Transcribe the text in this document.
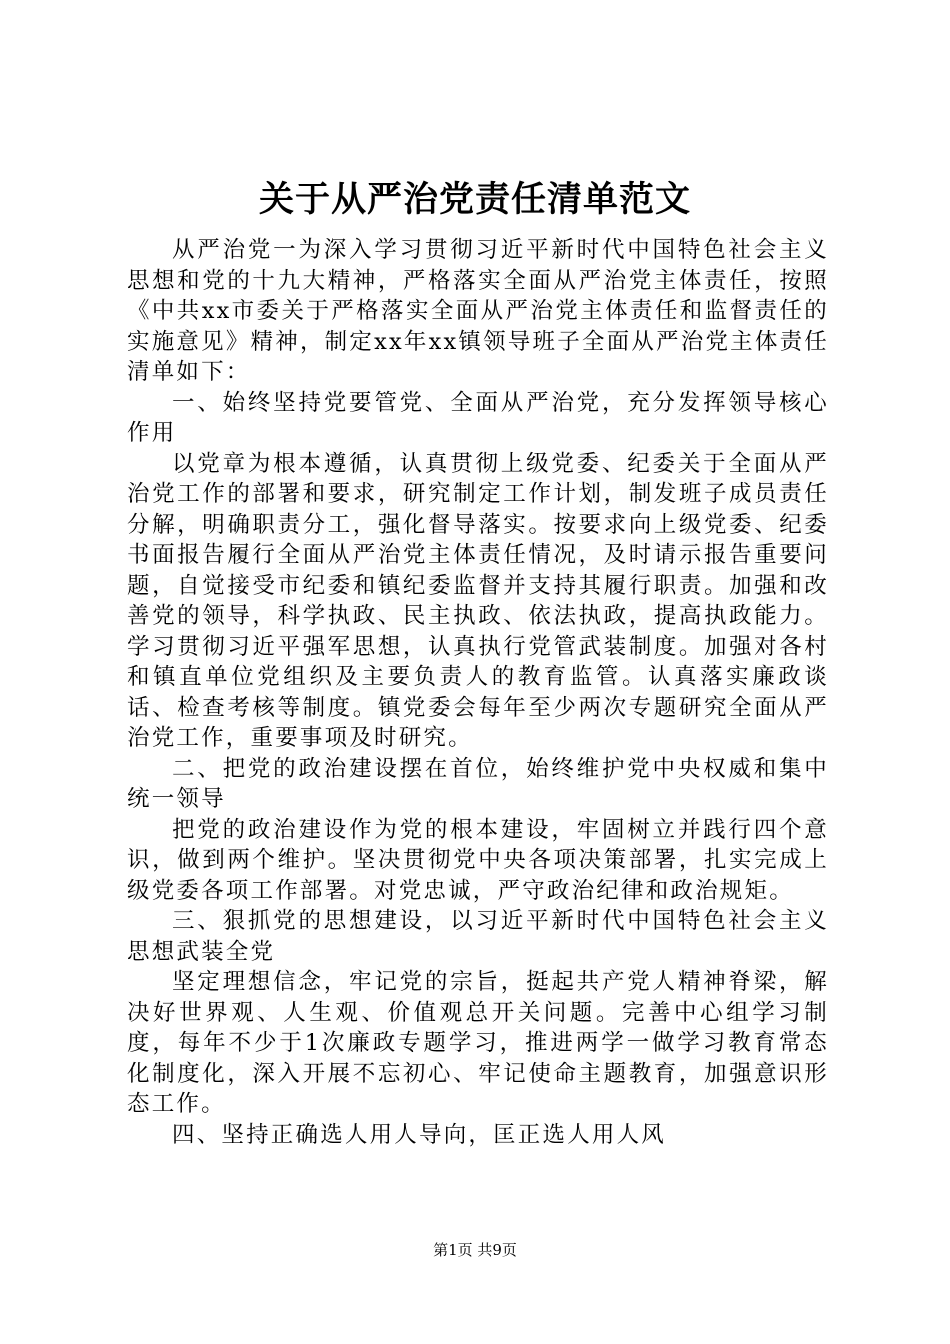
关于从严治党责任清单范文

从严治党一为深入学习贯彻习近平新时代中国特色社会主义思想和党的十九大精神，严格落实全面从严治党主体责任，按照《中共xx市委关于严格落实全面从严治党主体责任和监督责任的实施意见》精神，制定xx年xx镇领导班子全面从严治党主体责任清单如下：

一、始终坚持党要管党、全面从严治党，充分发挥领导核心作用

以党章为根本遵循，认真贯彻上级党委、纪委关于全面从严治党工作的部署和要求，研究制定工作计划，制发班子成员责任分解，明确职责分工，强化督导落实。按要求向上级党委、纪委书面报告履行全面从严治党主体责任情况，及时请示报告重要问题，自觉接受市纪委和镇纪委监督并支持其履行职责。加强和改善党的领导，科学执政、民主执政、依法执政，提高执政能力。学习贯彻习近平强军思想，认真执行党管武装制度。加强对各村和镇直单位党组织及主要负责人的教育监管。认真落实廉政谈话、检查考核等制度。镇党委会每年至少两次专题研究全面从严治党工作，重要事项及时研究。

二、把党的政治建设摆在首位，始终维护党中央权威和集中统一领导

把党的政治建设作为党的根本建设，牢固树立并践行四个意识，做到两个维护。坚决贯彻党中央各项决策部署，扎实完成上级党委各项工作部署。对党忠诚，严守政治纪律和政治规矩。

三、狠抓党的思想建设，以习近平新时代中国特色社会主义思想武装全党

坚定理想信念，牢记党的宗旨，挺起共产党人精神脊梁，解决好世界观、人生观、价值观总开关问题。完善中心组学习制度，每年不少于1次廉政专题学习，推进两学一做学习教育常态化制度化，深入开展不忘初心、牢记使命主题教育，加强意识形态工作。

四、坚持正确选人用人导向，匡正选人用人风

第1页 共9页
